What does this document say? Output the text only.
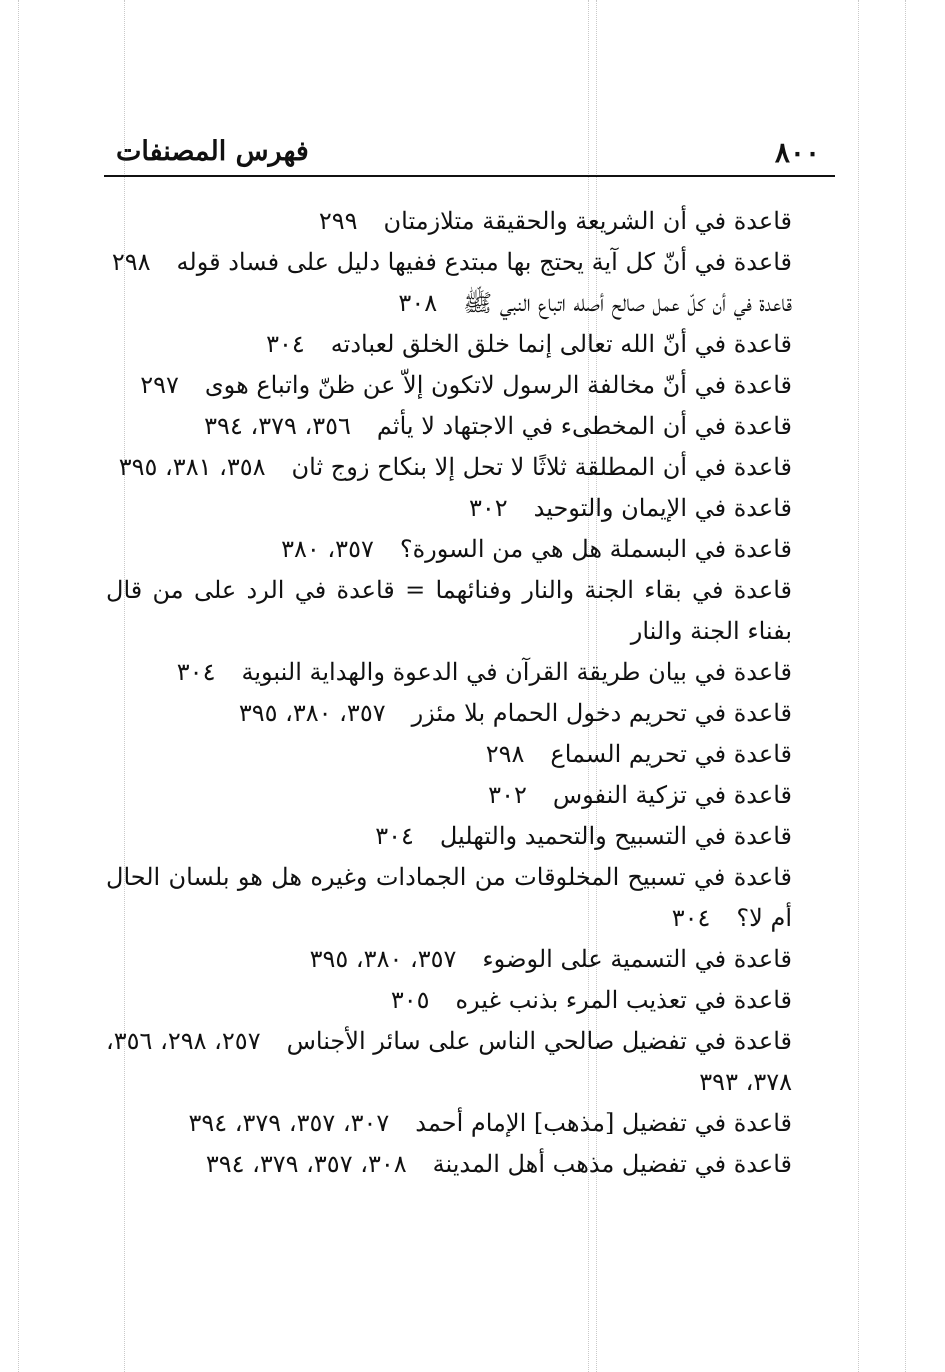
٨٠٠
فهرس المصنفات

قاعدة في أن الشريعة والحقيقة متلازمتان٢٩٩

قاعدة في أنّ كل آية يحتج بها مبتدع ففيها دليل على فساد قوله٢٩٨

قاعدة في أن كلّ عمل صالح أصله اتباع النبي ﷺ٣٠٨

قاعدة في أنّ الله تعالى إنما خلق الخلق لعبادته٣٠٤

قاعدة في أنّ مخالفة الرسول لاتكون إلاّ عن ظنّ واتباع هوى٢٩٧

قاعدة في أن المخطىء في الاجتهاد لا يأثم٣٥٦، ٣٧٩، ٣٩٤

قاعدة في أن المطلقة ثلاثًا لا تحل إلا بنكاح زوج ثان٣٥٨، ٣٨١، ٣٩٥

قاعدة في الإيمان والتوحيد٣٠٢

قاعدة في البسملة هل هي من السورة؟٣٥٧، ٣٨٠

قاعدة في بقاء الجنة والنار وفنائهما = قاعدة في الرد على من قال بفناء الجنة والنار

قاعدة في بيان طريقة القرآن في الدعوة والهداية النبوية٣٠٤

قاعدة في تحريم دخول الحمام بلا مئزر٣٥٧، ٣٨٠، ٣٩٥

قاعدة في تحريم السماع٢٩٨

قاعدة في تزكية النفوس٣٠٢

قاعدة في التسبيح والتحميد والتهليل٣٠٤

قاعدة في تسبيح المخلوقات من الجمادات وغيره هل هو بلسان الحال أم لا؟٣٠٤

قاعدة في التسمية على الوضوء٣٥٧، ٣٨٠، ٣٩٥

قاعدة في تعذيب المرء بذنب غيره٣٠٥

قاعدة في تفضيل صالحي الناس على سائر الأجناس٢٥٧، ٢٩٨، ٣٥٦، ٣٧٨، ٣٩٣

قاعدة في تفضيل [مذهب] الإمام أحمد٣٠٧، ٣٥٧، ٣٧٩، ٣٩٤

قاعدة في تفضيل مذهب أهل المدينة٣٠٨، ٣٥٧، ٣٧٩، ٣٩٤
